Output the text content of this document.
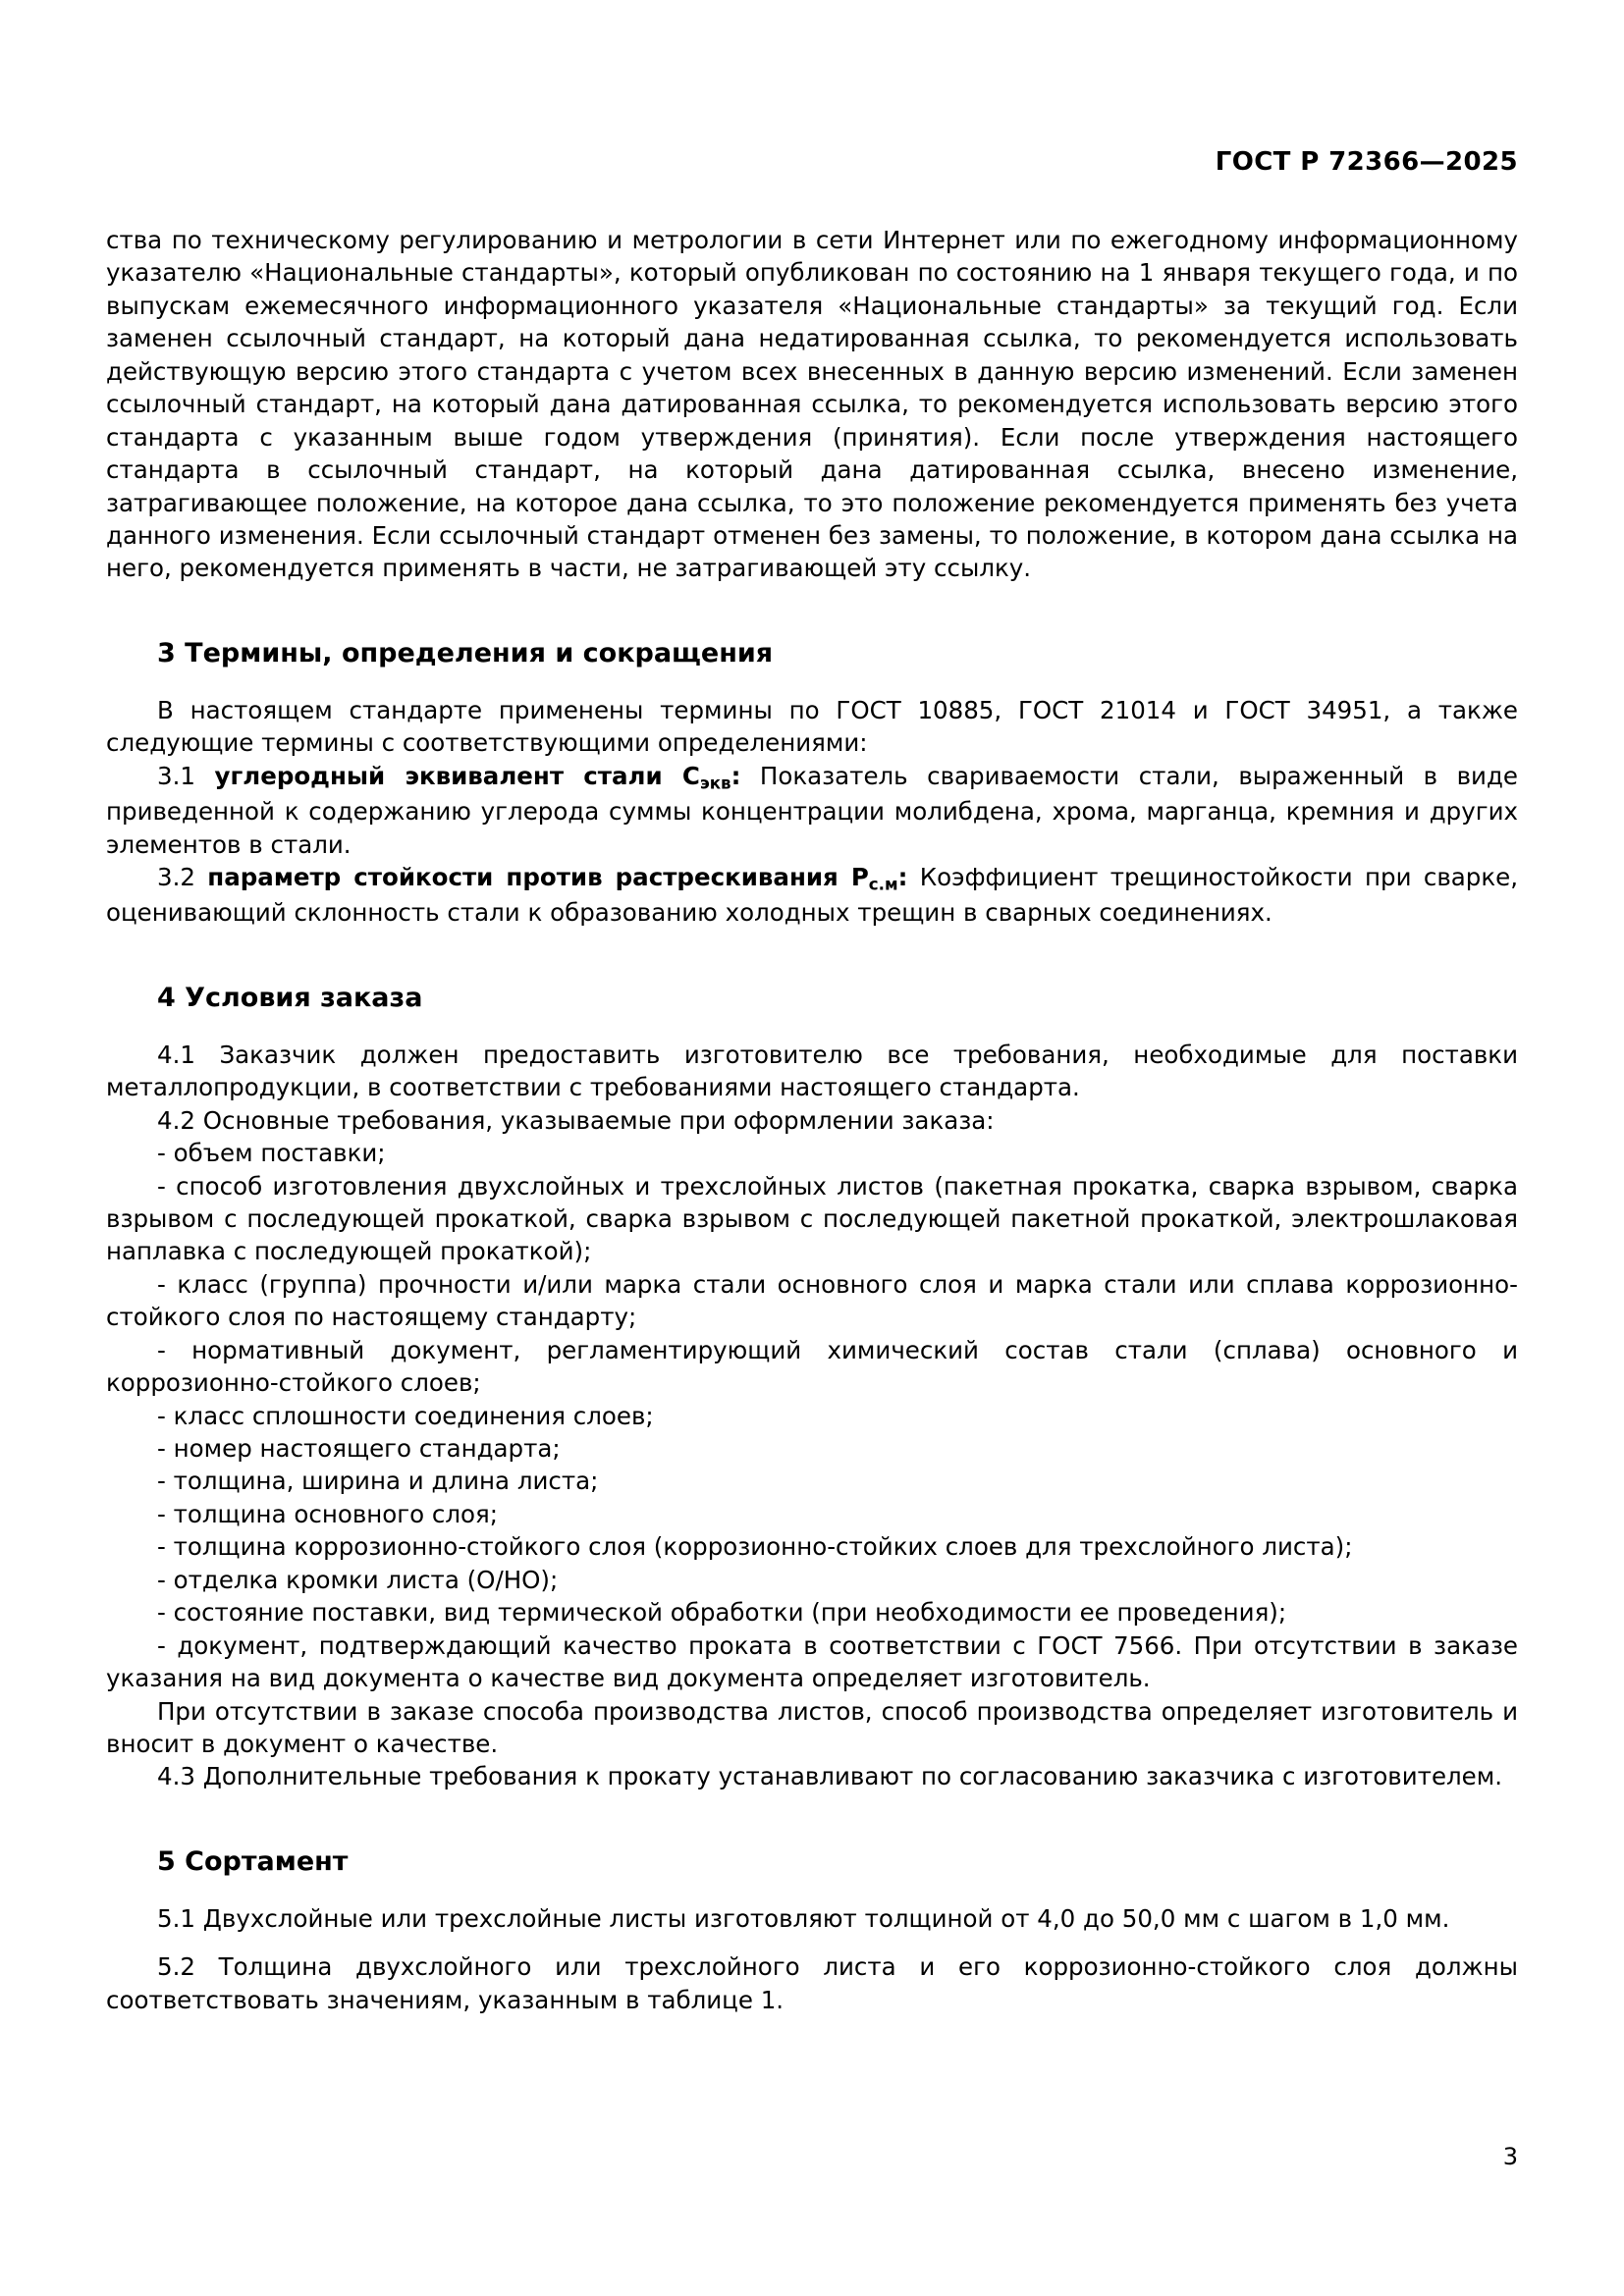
ГОСТ Р 72366—2025

ства по техническому регулированию и метрологии в сети Интернет или по ежегодному информационному указателю «Национальные стандарты», который опубликован по состоянию на 1 января текущего года, и по выпускам ежемесячного информационного указателя «Национальные стандарты» за текущий год. Если заменен ссылочный стандарт, на который дана недатированная ссылка, то рекомендуется использовать действующую версию этого стандарта с учетом всех внесенных в данную версию изменений. Если заменен ссылочный стандарт, на который дана датированная ссылка, то рекомендуется использовать версию этого стандарта с указанным выше годом утверждения (принятия). Если после утверждения настоящего стандарта в ссылочный стандарт, на который дана датированная ссылка, внесено изменение, затрагивающее положение, на которое дана ссылка, то это положение рекомендуется применять без учета данного изменения. Если ссылочный стандарт отменен без замены, то положение, в котором дана ссылка на него, рекомендуется применять в части, не затрагивающей эту ссылку.

3 Термины, определения и сокращения

В настоящем стандарте применены термины по ГОСТ 10885, ГОСТ 21014 и ГОСТ 34951, а также следующие термины с соответствующими определениями:

3.1 углеродный эквивалент стали $С_{экв}$: Показатель свариваемости стали, выраженный в виде приведенной к содержанию углерода суммы концентрации молибдена, хрома, марганца, кремния и других элементов в стали.

3.2 параметр стойкости против растрескивания $Р_{с.м}$: Коэффициент трещиностойкости при сварке, оценивающий склонность стали к образованию холодных трещин в сварных соединениях.

4 Условия заказа

4.1 Заказчик должен предоставить изготовителю все требования, необходимые для поставки металлопродукции, в соответствии с требованиями настоящего стандарта.

4.2 Основные требования, указываемые при оформлении заказа:

- объем поставки;

- способ изготовления двухслойных и трехслойных листов (пакетная прокатка, сварка взрывом, сварка взрывом с последующей прокаткой, сварка взрывом с последующей пакетной прокаткой, электрошлаковая наплавка с последующей прокаткой);

- класс (группа) прочности и/или марка стали основного слоя и марка стали или сплава коррозионно-стойкого слоя по настоящему стандарту;

- нормативный документ, регламентирующий химический состав стали (сплава) основного и коррозионно-стойкого слоев;

- класс сплошности соединения слоев;

- номер настоящего стандарта;

- толщина, ширина и длина листа;

- толщина основного слоя;

- толщина коррозионно-стойкого слоя (коррозионно-стойких слоев для трехслойного листа);

- отделка кромки листа (О/НО);

- состояние поставки, вид термической обработки (при необходимости ее проведения);

- документ, подтверждающий качество проката в соответствии с ГОСТ 7566. При отсутствии в заказе указания на вид документа о качестве вид документа определяет изготовитель.

При отсутствии в заказе способа производства листов, способ производства определяет изготовитель и вносит в документ о качестве.

4.3 Дополнительные требования к прокату устанавливают по согласованию заказчика с изготовителем.

5 Сортамент

5.1 Двухслойные или трехслойные листы изготовляют толщиной от 4,0 до 50,0 мм с шагом в 1,0 мм.

5.2 Толщина двухслойного или трехслойного листа и его коррозионно-стойкого слоя должны соответствовать значениям, указанным в таблице 1.

3
